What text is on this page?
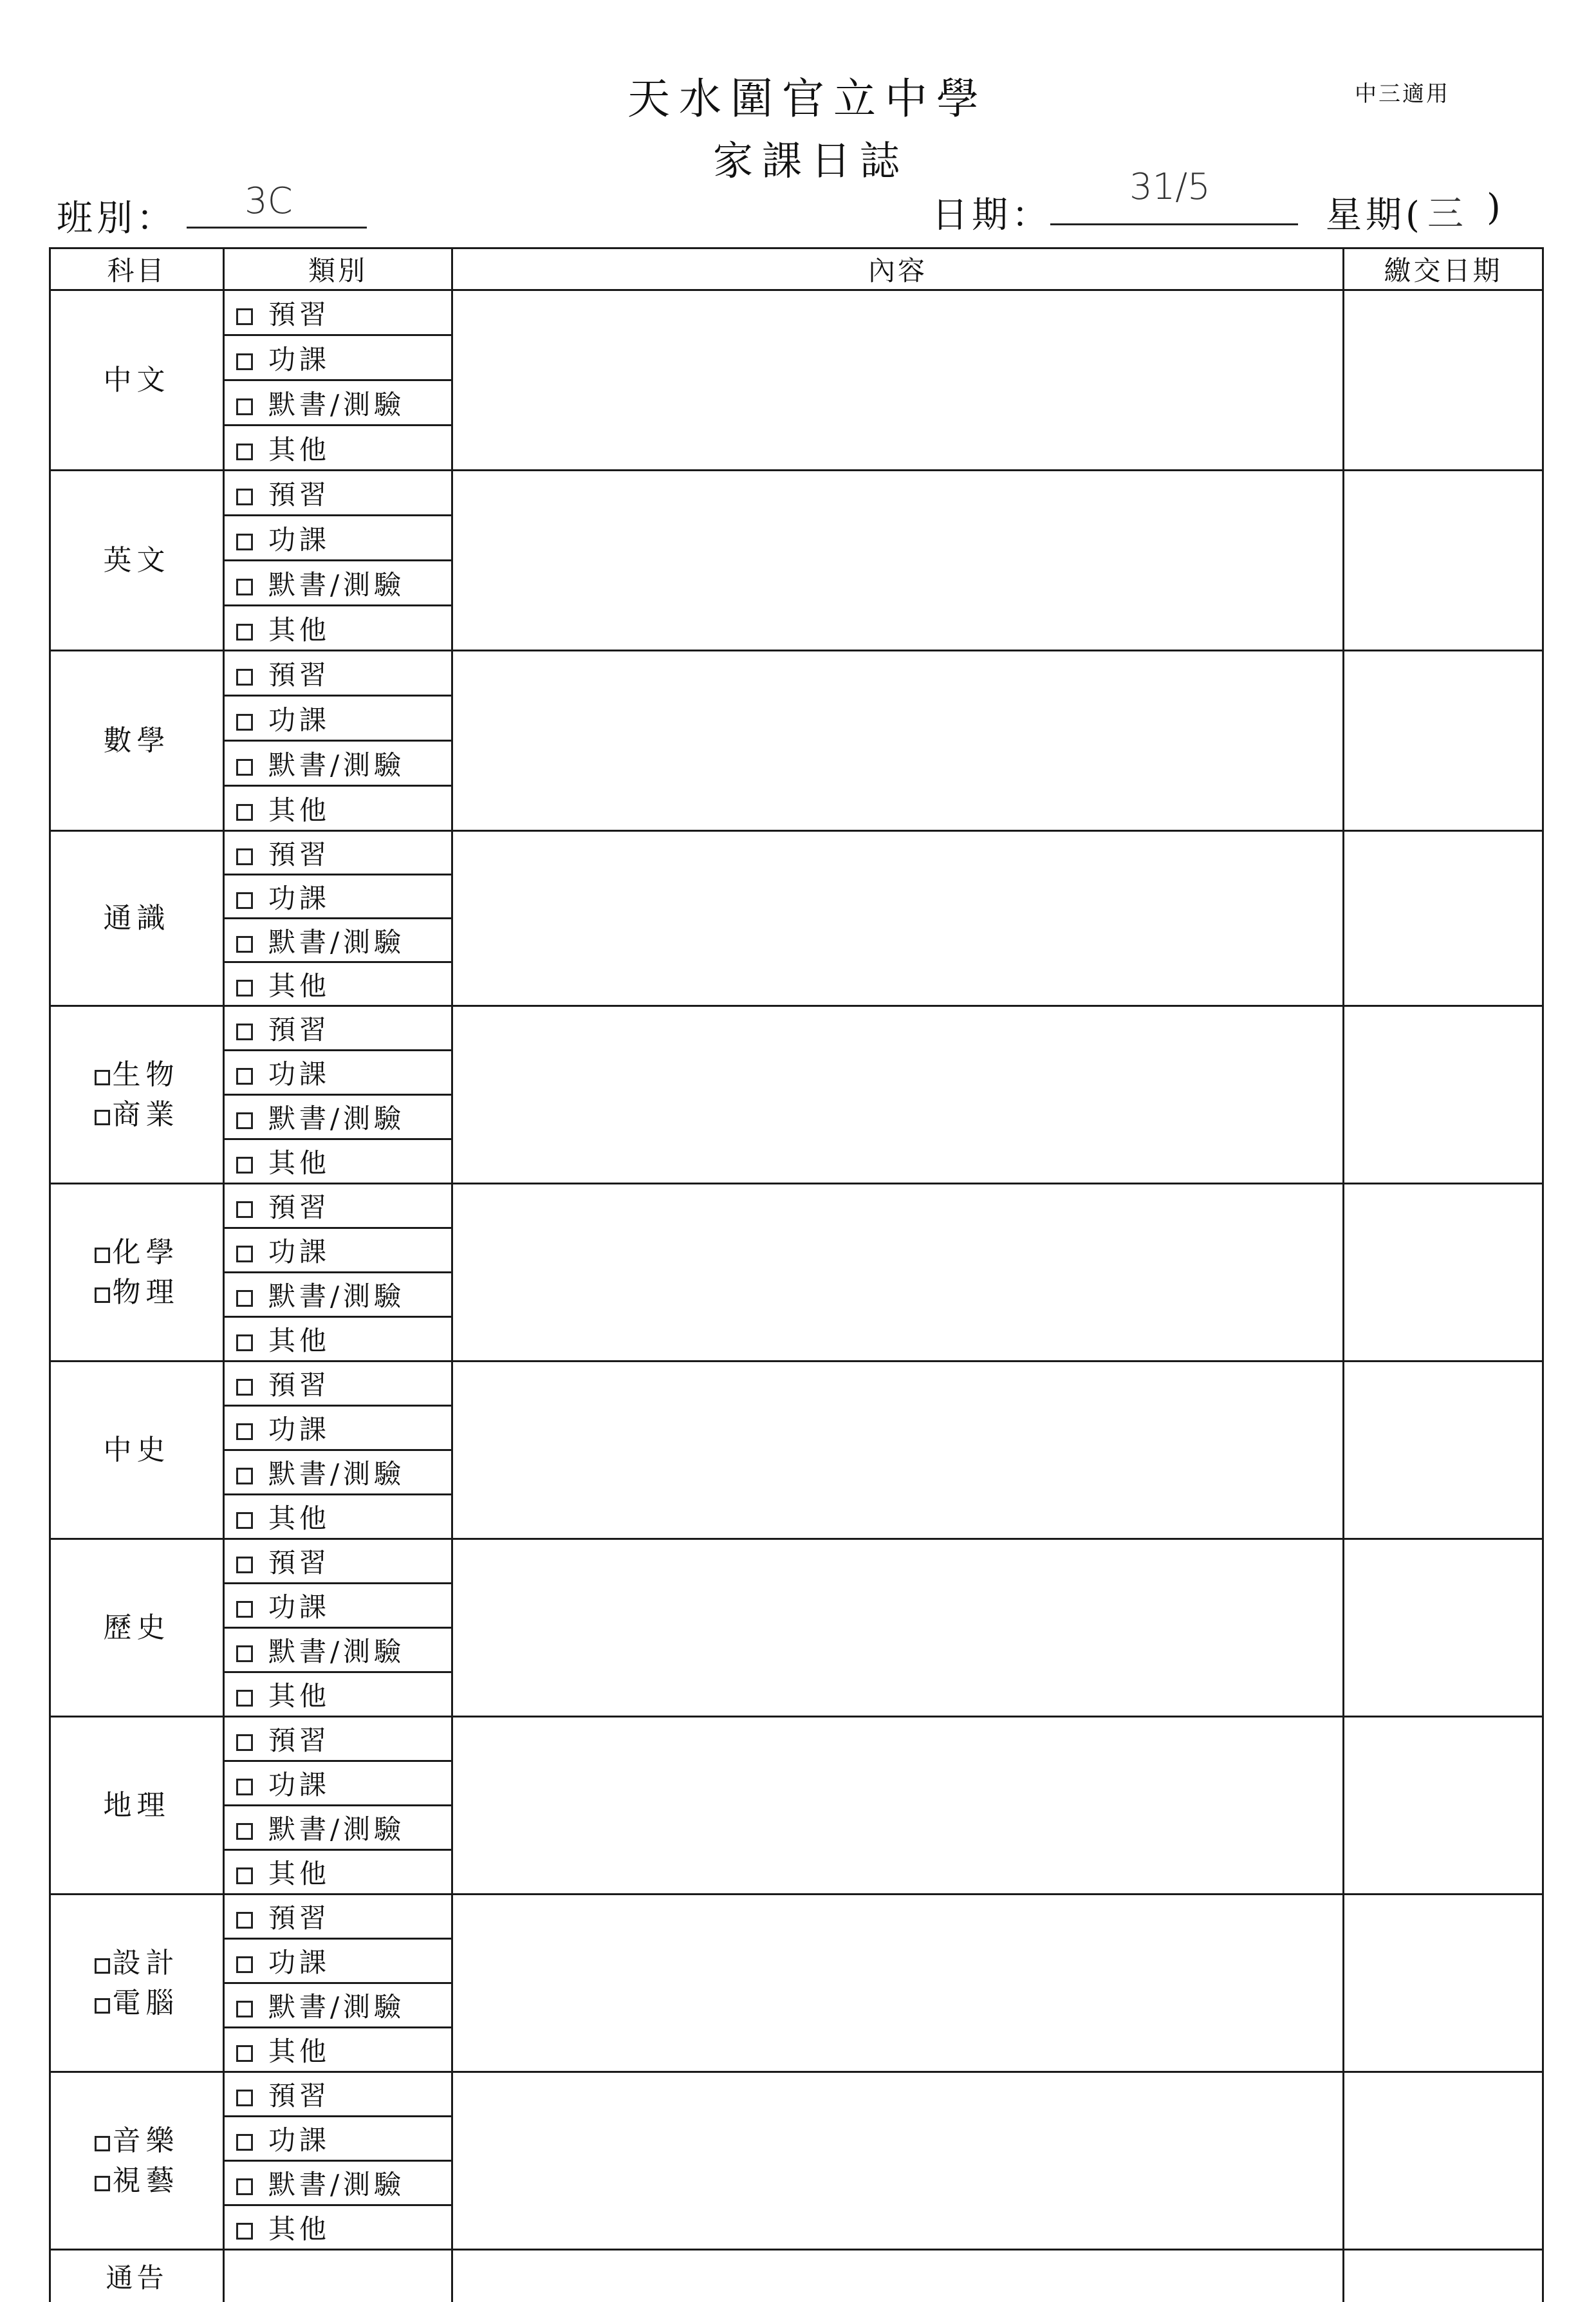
天水圍官立中學
家課日誌
中三適用
班別： 3C	日期：
31/5
星期( 三 )
科目	類別	內容	繳交日期

中文	預習		
	功課		
	默書/測驗		
	其他		

英文	預習		
	功課		
	默書/測驗		
	其他		

數學	預習		
	功課		
	默書/測驗		
	其他		

通識	預習		
	功課		
	默書/測驗		
	其他		

生物
商業	預習		
	功課		
	默書/測驗		
	其他		

化學
物理	預習		
	功課		
	默書/測驗		
	其他		

中史	預習		
	功課		
	默書/測驗		
	其他		

歷史	預習		
	功課		
	默書/測驗		
	其他		

地理	預習		
	功課		
	默書/測驗		
	其他		

設計
電腦	預習		
	功課		
	默書/測驗		
	其他		

音樂
視藝	預習		
	功課		
	默書/測驗		
	其他		
通告			
